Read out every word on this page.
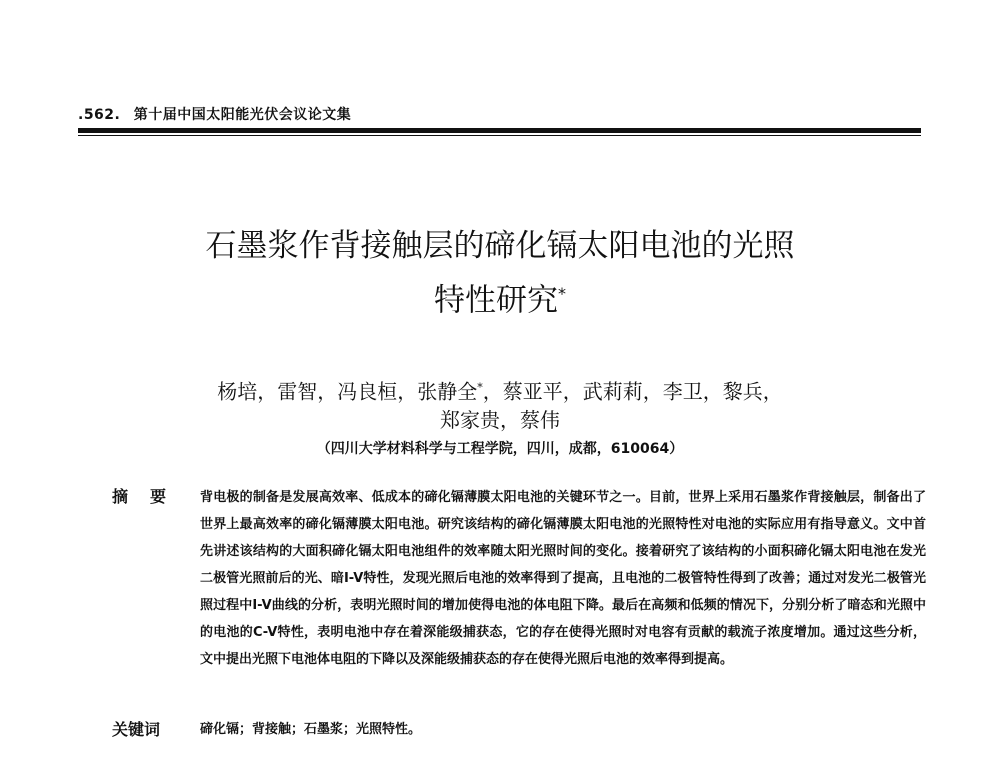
.562. 第十届中国太阳能光伏会议论文集
石墨浆作背接触层的碲化镉太阳电池的光照
特性研究*

杨培，雷智，冯良桓，张静全*，蔡亚平，武莉莉，李卫，黎兵，
郑家贵，蔡伟

（四川大学材料科学与工程学院，四川，成都，610064）
摘要 背电极的制备是发展高效率、低成本的碲化镉薄膜太阳电池的关键环节之一。目前，世界上采用石墨浆作背接触层，制备出了世界上最高效率的碲化镉薄膜太阳电池。研究该结构的碲化镉薄膜太阳电池的光照特性对电池的实际应用有指导意义。文中首先讲述该结构的大面积碲化镉太阳电池组件的效率随太阳光照时间的变化。接着研究了该结构的小面积碲化镉太阳电池在发光二极管光照前后的光、暗I-V特性，发现光照后电池的效率得到了提高，且电池的二极管特性得到了改善；通过对发光二极管光照过程中I-V曲线的分析，表明光照时间的增加使得电池的体电阻下降。最后在高频和低频的情况下，分别分析了暗态和光照中的电池的C-V特性，表明电池中存在着深能级捕获态，它的存在使得光照时对电容有贡献的载流子浓度增加。通过这些分析，文中提出光照下电池体电阻的下降以及深能级捕获态的存在使得光照后电池的效率得到提高。

关键词	碲化镉；背接触；石墨浆；光照特性。
